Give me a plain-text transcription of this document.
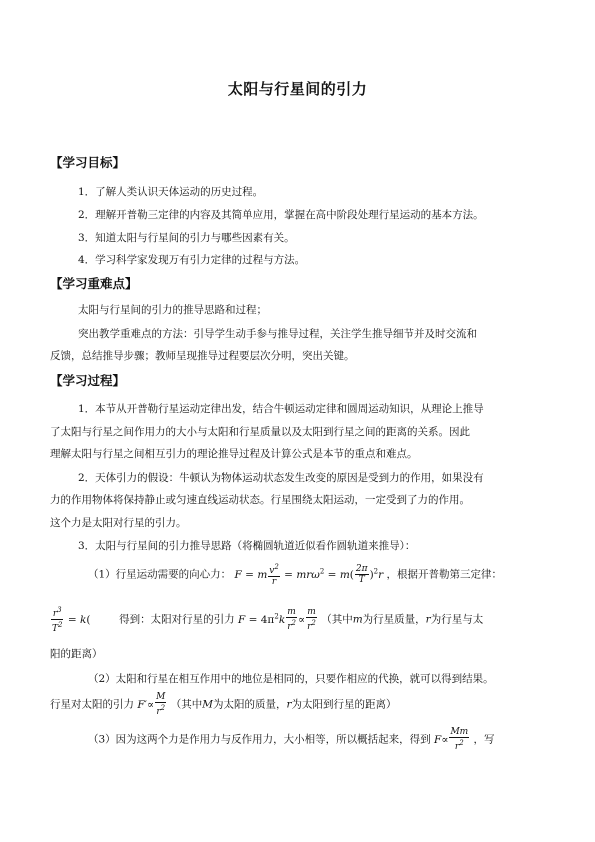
太阳与行星间的引力
【学习目标】
1．了解人类认识天体运动的历史过程。
2．理解开普勒三定律的内容及其简单应用，掌握在高中阶段处理行星运动的基本方法。
3．知道太阳与行星间的引力与哪些因素有关。
4．学习科学家发现万有引力定律的过程与方法。
【学习重难点】
太阳与行星间的引力的推导思路和过程；
突出教学重难点的方法：引导学生动手参与推导过程，关注学生推导细节并及时交流和
反馈，总结推导步骤；教师呈现推导过程要层次分明，突出关键。
【学习过程】
1．本节从开普勒行星运动定律出发，结合牛顿运动定律和圆周运动知识，从理论上推导
了太阳与行星之间作用力的大小与太阳和行星质量以及太阳到行星之间的距离的关系。因此
理解太阳与行星之间相互引力的理论推导过程及计算公式是本节的重点和难点。
2．天体引力的假设：牛顿认为物体运动状态发生改变的原因是受到力的作用，如果没有
力的作用物体将保持静止或匀速直线运动状态。行星围绕太阳运动，一定受到了力的作用。
这个力是太阳对行星的引力。
3．太阳与行星间的引力推导思路（将椭圆轨道近似看作圆轨道来推导）：
（1）行星运动需要的向心力： F = m $\frac{v^2}{r} = mr\omega^2 = m( \frac{2\pi}{T} )^2r$ ，根据开普勒第三定律：
$\frac{r^3}{T^2} = k$(	得到：太阳对行星的引力 $F = 4\pi^2k \frac{m}{r^2} \propto \frac{m}{r^2}$ （其中m为行星质量，r为行星与太
阳的距离）
（2）太阳和行星在相互作用中的地位是相同的，只要作相应的代换，就可以得到结果。
行星对太阳的引力 $F'\propto \frac{M}{r^2}$ （其中M为太阳的质量，r为太阳到行星的距离）
（3）因为这两个力是作用力与反作用力，大小相等，所以概括起来，得到 $F\propto \frac{Mm}{r^2}$ ，写
